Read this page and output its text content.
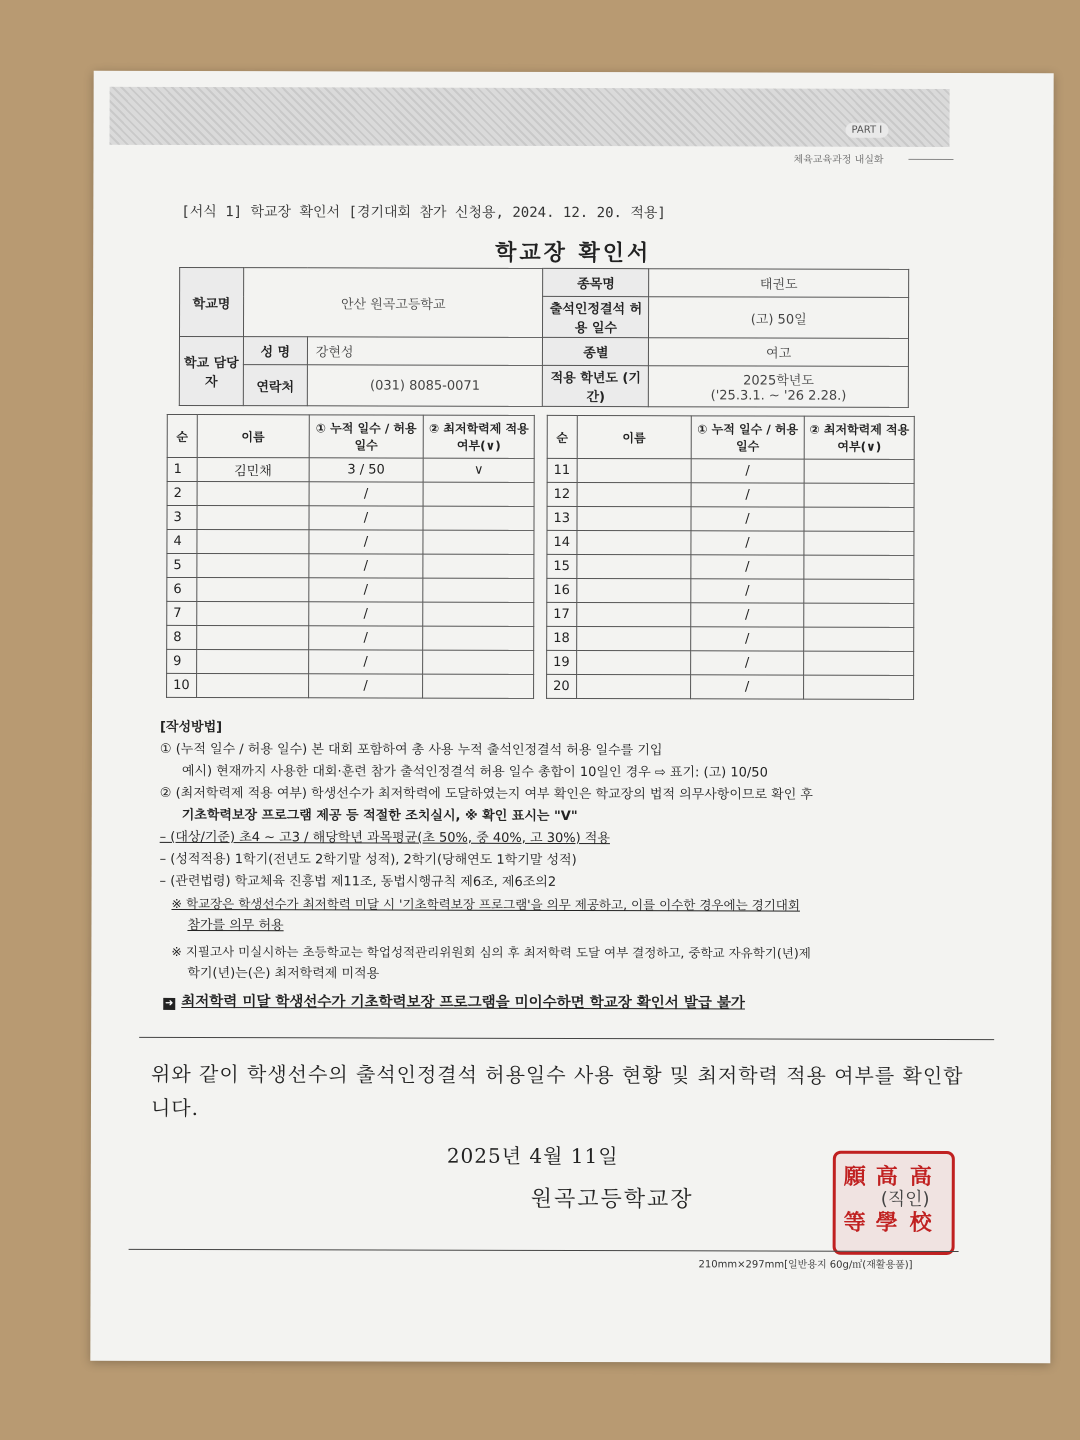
PART Ⅰ
체육교육과정 내실화
[서식 1] 학교장 확인서 [경기대회 참가 신청용, 2024. 12. 20. 적용]
학교장 확인서
학교명	안산 원곡고등학교		종목명	태권도
			출석인정결석 허용 일수	(고) 50일
학교 담당자	성 명	강현성	종별	여고
	연락처	(031) 8085-0071	적용 학년도 (기간)	2025학년도
('25.3.1. ~ '26 2.28.)
순	이름	① 누적 일수 / 허용 일수	② 최저학력제 적용 여부(∨)
1	김민채	3 / 50	∨
2		/	
3		/	
4		/	
5		/	
6		/	
7		/	
8		/	
9		/	
10		/	
순	이름	① 누적 일수 / 허용 일수	② 최저학력제 적용 여부(∨)
11		/	
12		/	
13		/	
14		/	
15		/	
16		/	
17		/	
18		/	
19		/	
20		/	

[작성방법]

① (누적 일수 / 허용 일수) 본 대회 포함하여 총 사용 누적 출석인정결석 허용 일수를 기입

예시) 현재까지 사용한 대회·훈련 참가 출석인정결석 허용 일수 총합이 10일인 경우 ⇨ 표기: (고) 10/50

② (최저학력제 적용 여부) 학생선수가 최저학력에 도달하였는지 여부 확인은 학교장의 법적 의무사항이므로 확인 후

기초학력보장 프로그램 제공 등 적절한 조치실시, ※ 확인 표시는 "V"

– (대상/기준) 초4 ~ 고3 / 해당학년 과목평균(초 50%, 중 40%, 고 30%) 적용

– (성적적용) 1학기(전년도 2학기말 성적), 2학기(당해연도 1학기말 성적)

– (관련법령) 학교체육 진흥법 제11조, 동법시행규칙 제6조, 제6조의2

※ 학교장은 학생선수가 최저학력 미달 시 '기초학력보장 프로그램'을 의무 제공하고, 이를 이수한 경우에는 경기대회

참가를 의무 허용

※ 지필고사 미실시하는 초등학교는 학업성적관리위원회 심의 후 최저학력 도달 여부 결정하고, 중학교 자유학기(년)제

학기(년)는(은) 최저학력제 미적용

➜ 최저학력 미달 학생선수가 기초학력보장 프로그램을 미이수하면 학교장 확인서 발급 불가

위와 같이 학생선수의 출석인정결석 허용일수 사용 현황 및 최저학력 적용 여부를 확인합니다.
2025년 4월 11일
원곡고등학교장
願 高 高
等 學 校
(직인)
210mm×297mm[일반용지 60g/㎡(재활용품)]
